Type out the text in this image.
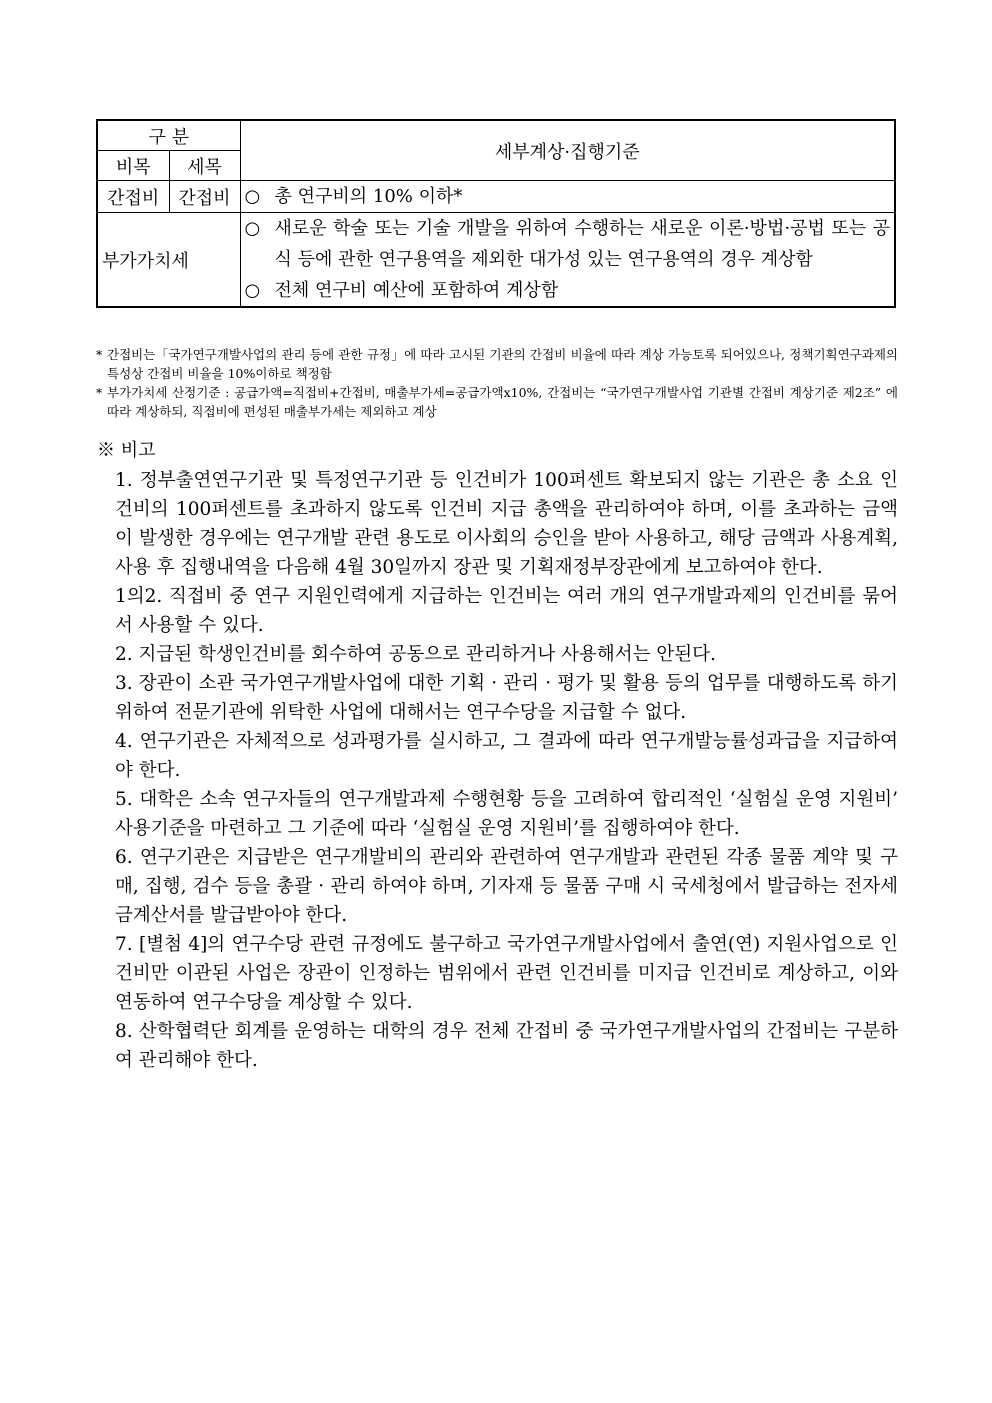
구 분		세부계상·집행기준
비목	세목	
간접비	간접비	○ 총 연구비의 10% 이하*

부가가치세		○ 새로운 학술 또는 기술 개발을 위하여 수행하는 새로운 이론·방법·공법 또는 공식 등에 관한 연구용역을 제외한 대가성 있는 연구용역의 경우 계상함
○ 전체 연구비 예산에 포함하여 계상함
* 간접비는「국가연구개발사업의 관리 등에 관한 규정」에 따라 고시된 기관의 간접비 비율에 따라 계상 가능토록 되어있으나, 정책기획연구과제의 특성상 간접비 비율을 10%이하로 책정함
* 부가가치세 산정기준 : 공급가액=직접비+간접비, 매출부가세=공급가액x10%, 간접비는 “국가연구개발사업 기관별 간접비 계상기준 제2조” 에 따라 계상하되, 직접비에 편성된 매출부가세는 제외하고 계상
※ 비고

1. 정부출연연구기관 및 특정연구기관 등 인건비가 100퍼센트 확보되지 않는 기관은 총 소요 인건비의 100퍼센트를 초과하지 않도록 인건비 지급 총액을 관리하여야 하며, 이를 초과하는 금액이 발생한 경우에는 연구개발 관련 용도로 이사회의 승인을 받아 사용하고, 해당 금액과 사용계획, 사용 후 집행내역을 다음해 4월 30일까지 장관 및 기획재정부장관에게 보고하여야 한다.

1의2. 직접비 중 연구 지원인력에게 지급하는 인건비는 여러 개의 연구개발과제의 인건비를 묶어서 사용할 수 있다.

2. 지급된 학생인건비를 회수하여 공동으로 관리하거나 사용해서는 안된다.

3. 장관이 소관 국가연구개발사업에 대한 기획 · 관리 · 평가 및 활용 등의 업무를 대행하도록 하기 위하여 전문기관에 위탁한 사업에 대해서는 연구수당을 지급할 수 없다.

4. 연구기관은 자체적으로 성과평가를 실시하고, 그 결과에 따라 연구개발능률성과급을 지급하여야 한다.

5. 대학은 소속 연구자들의 연구개발과제 수행현황 등을 고려하여 합리적인 ‘실험실 운영 지원비’ 사용기준을 마련하고 그 기준에 따라 ‘실험실 운영 지원비’를 집행하여야 한다.

6. 연구기관은 지급받은 연구개발비의 관리와 관련하여 연구개발과 관련된 각종 물품 계약 및 구매, 집행, 검수 등을 총괄 · 관리 하여야 하며, 기자재 등 물품 구매 시 국세청에서 발급하는 전자세금계산서를 발급받아야 한다.

7. [별첨 4]의 연구수당 관련 규정에도 불구하고 국가연구개발사업에서 출연(연) 지원사업으로 인건비만 이관된 사업은 장관이 인정하는 범위에서 관련 인건비를 미지급 인건비로 계상하고, 이와 연동하여 연구수당을 계상할 수 있다.

8. 산학협력단 회계를 운영하는 대학의 경우 전체 간접비 중 국가연구개발사업의 간접비는 구분하여 관리해야 한다.
